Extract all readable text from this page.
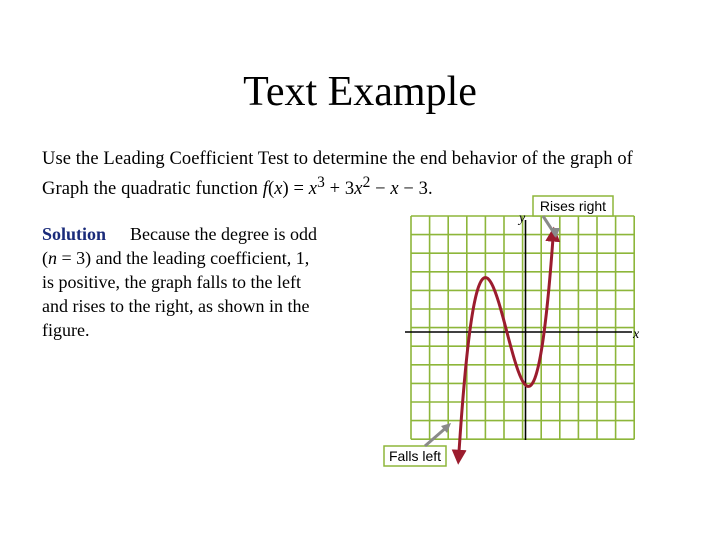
Text Example
Use the Leading Coefficient Test to determine the end behavior of the graph of
Graph the quadratic function $f(x) = x^3 + 3x^2 - x - 3$.
Solution Because the degree is odd
(n = 3) and the leading coefficient, 1,
is positive, the graph falls to the left
and rises to the right, as shown in the
figure.
y
x
Rises right
Falls left
